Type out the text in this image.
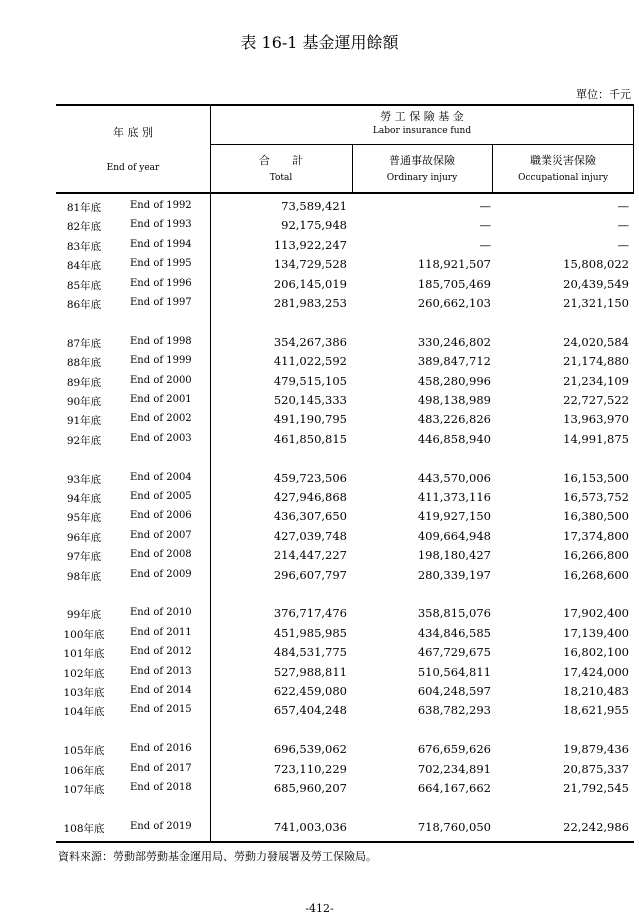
表 16-1 基金運用餘額
單位：千元
年 底 別
End of year
勞 工 保 險 基 金
Labor insurance fund
合　　計
Total
普通事故保險
Ordinary injury
職業災害保險
Occupational injury
81年底	End of 1992	73,589,421	—	—
82年底	End of 1993	92,175,948	—	—
83年底	End of 1994	113,922,247	—	—
84年底	End of 1995	134,729,528	118,921,507	15,808,022
85年底	End of 1996	206,145,019	185,705,469	20,439,549
86年底	End of 1997	281,983,253	260,662,103	21,321,150
87年底	End of 1998	354,267,386	330,246,802	24,020,584
88年底	End of 1999	411,022,592	389,847,712	21,174,880
89年底	End of 2000	479,515,105	458,280,996	21,234,109
90年底	End of 2001	520,145,333	498,138,989	22,727,522
91年底	End of 2002	491,190,795	483,226,826	13,963,970
92年底	End of 2003	461,850,815	446,858,940	14,991,875
93年底	End of 2004	459,723,506	443,570,006	16,153,500
94年底	End of 2005	427,946,868	411,373,116	16,573,752
95年底	End of 2006	436,307,650	419,927,150	16,380,500
96年底	End of 2007	427,039,748	409,664,948	17,374,800
97年底	End of 2008	214,447,227	198,180,427	16,266,800
98年底	End of 2009	296,607,797	280,339,197	16,268,600
99年底	End of 2010	376,717,476	358,815,076	17,902,400
100年底	End of 2011	451,985,985	434,846,585	17,139,400
101年底	End of 2012	484,531,775	467,729,675	16,802,100
102年底	End of 2013	527,988,811	510,564,811	17,424,000
103年底	End of 2014	622,459,080	604,248,597	18,210,483
104年底	End of 2015	657,404,248	638,782,293	18,621,955
105年底	End of 2016	696,539,062	676,659,626	19,879,436
106年底	End of 2017	723,110,229	702,234,891	20,875,337
107年底	End of 2018	685,960,207	664,167,662	21,792,545
108年底	End of 2019	741,003,036	718,760,050	22,242,986
資料來源：勞動部勞動基金運用局、勞動力發展署及勞工保險局。
-412-
